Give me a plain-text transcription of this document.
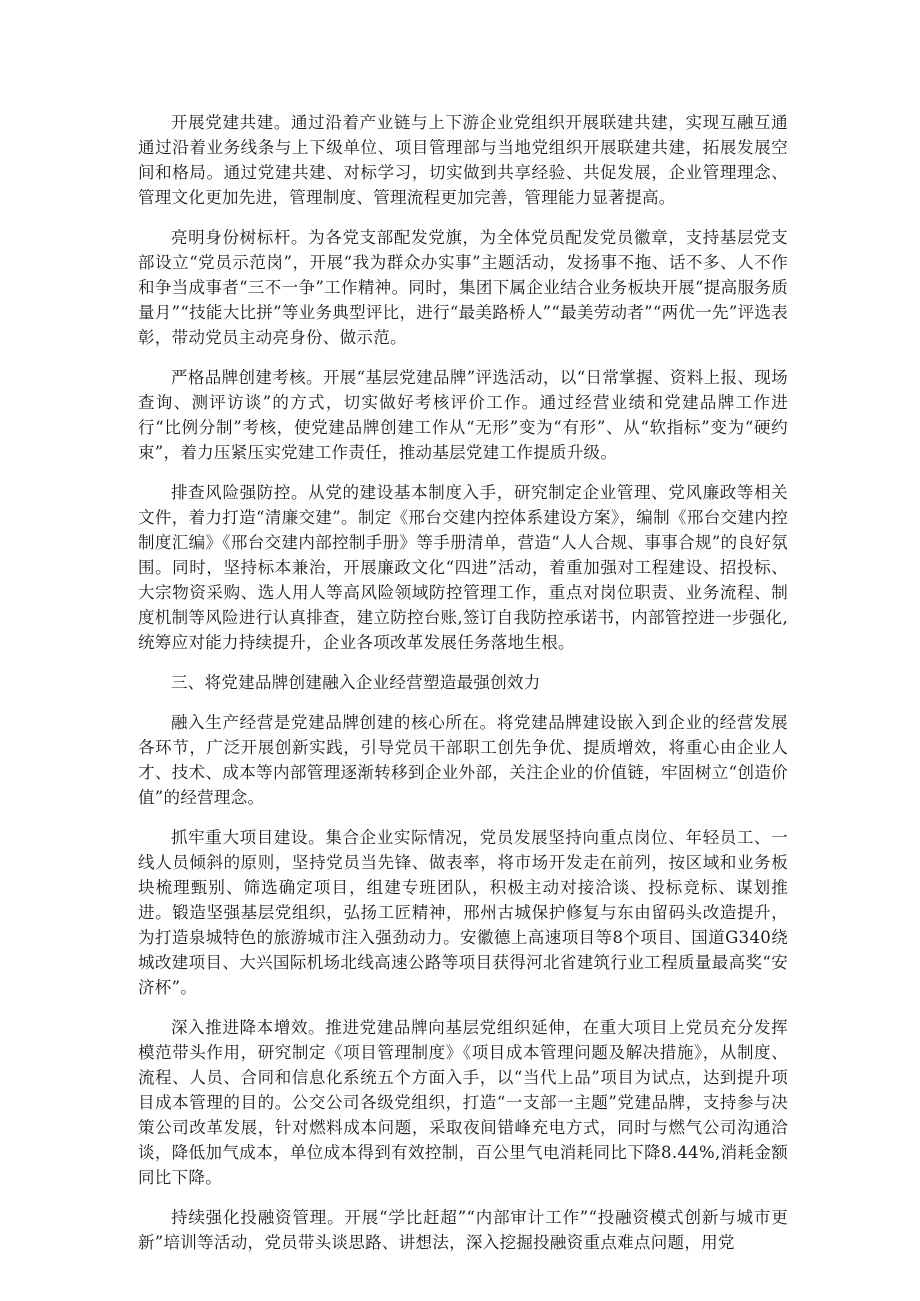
开展党建共建。通过沿着产业链与上下游企业党组织开展联建共建，实现互融互通通过沿着业务线条与上下级单位、项目管理部与当地党组织开展联建共建，拓展发展空间和格局。通过党建共建、对标学习，切实做到共享经验、共促发展，企业管理理念、管理文化更加先进，管理制度、管理流程更加完善，管理能力显著提高。

亮明身份树标杆。为各党支部配发党旗，为全体党员配发党员徽章，支持基层党支部设立“党员示范岗”，开展“我为群众办实事”主题活动，发扬事不拖、话不多、人不作和争当成事者“三不一争”工作精神。同时，集团下属企业结合业务板块开展“提高服务质量月”“技能大比拼”等业务典型评比，进行“最美路桥人”“最美劳动者”“两优一先”评选表彰，带动党员主动亮身份、做示范。

严格品牌创建考核。开展“基层党建品牌”评选活动，以“日常掌握、资料上报、现场查询、测评访谈”的方式，切实做好考核评价工作。通过经营业绩和党建品牌工作进行“比例分制”考核，使党建品牌创建工作从“无形”变为“有形”、从“软指标”变为“硬约束”，着力压紧压实党建工作责任，推动基层党建工作提质升级。

排查风险强防控。从党的建设基本制度入手，研究制定企业管理、党风廉政等相关文件，着力打造“清廉交建”。制定《邢台交建内控体系建设方案》，编制《邢台交建内控制度汇编》《邢台交建内部控制手册》等手册清单，营造“人人合规、事事合规”的良好氛围。同时，坚持标本兼治，开展廉政文化“四进”活动，着重加强对工程建设、招投标、大宗物资采购、选人用人等高风险领域防控管理工作，重点对岗位职责、业务流程、制度机制等风险进行认真排查，建立防控台账,签订自我防控承诺书，内部管控进一步强化,统筹应对能力持续提升，企业各项改革发展任务落地生根。

三、将党建品牌创建融入企业经营塑造最强创效力

融入生产经营是党建品牌创建的核心所在。将党建品牌建设嵌入到企业的经营发展各环节，广泛开展创新实践，引导党员干部职工创先争优、提质增效，将重心由企业人才、技术、成本等内部管理逐渐转移到企业外部，关注企业的价值链，牢固树立“创造价值”的经营理念。

抓牢重大项目建设。集合企业实际情况，党员发展坚持向重点岗位、年轻员工、一线人员倾斜的原则，坚持党员当先锋、做表率，将市场开发走在前列，按区域和业务板块梳理甄别、筛选确定项目，组建专班团队，积极主动对接洽谈、投标竞标、谋划推进。锻造坚强基层党组织，弘扬工匠精神，邢州古城保护修复与东由留码头改造提升，为打造泉城特色的旅游城市注入强劲动力。安徽德上高速项目等8个项目、国道G340绕城改建项目、大兴国际机场北线高速公路等项目获得河北省建筑行业工程质量最高奖“安济杯”。

深入推进降本增效。推进党建品牌向基层党组织延伸，在重大项目上党员充分发挥模范带头作用，研究制定《项目管理制度》《项目成本管理问题及解决措施》，从制度、流程、人员、合同和信息化系统五个方面入手，以“当代上品”项目为试点，达到提升项目成本管理的目的。公交公司各级党组织，打造“一支部一主题”党建品牌，支持参与决策公司改革发展，针对燃料成本问题，采取夜间错峰充电方式，同时与燃气公司沟通洽谈，降低加气成本，单位成本得到有效控制，百公里气电消耗同比下降8.44%,消耗金额同比下降。

持续强化投融资管理。开展“学比赶超”“内部审计工作”“投融资模式创新与城市更新”培训等活动，党员带头谈思路、讲想法，深入挖掘投融资重点难点问题，用党
